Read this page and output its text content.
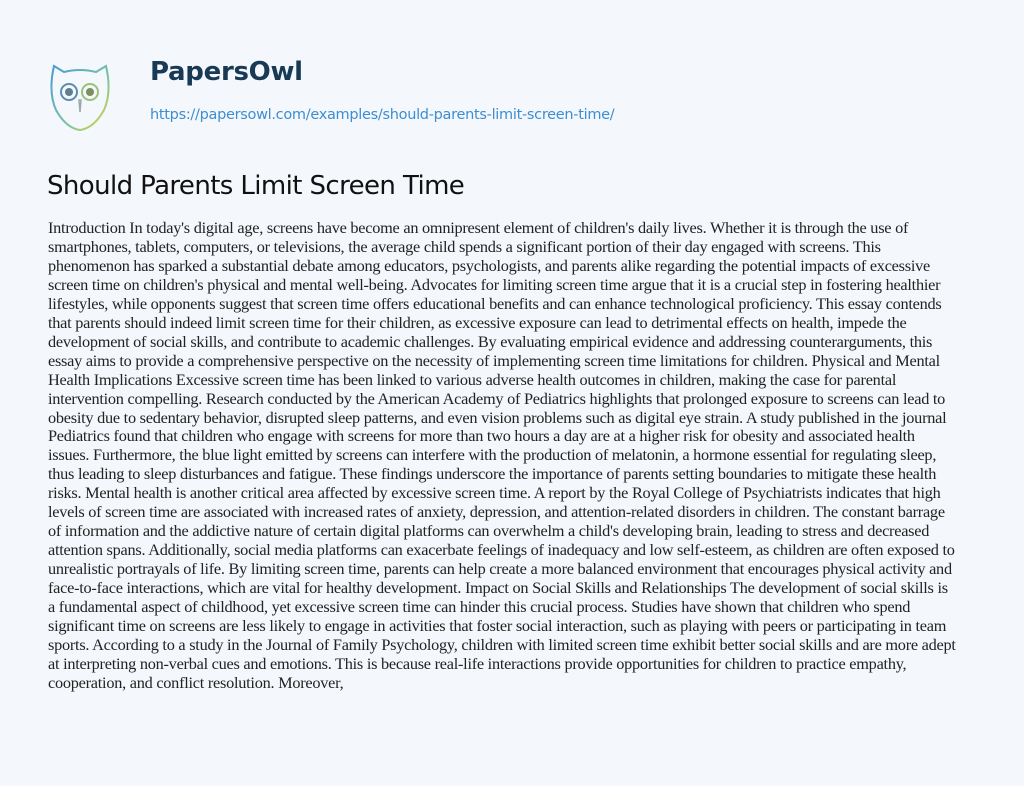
PapersOwl
https://papersowl.com/examples/should-parents-limit-screen-time/
Should Parents Limit Screen Time
Introduction In today's digital age, screens have become an omnipresent element of children's daily lives. Whether it is through the use of
smartphones, tablets, computers, or televisions, the average child spends a significant portion of their day engaged with screens. This
phenomenon has sparked a substantial debate among educators, psychologists, and parents alike regarding the potential impacts of excessive
screen time on children's physical and mental well-being. Advocates for limiting screen time argue that it is a crucial step in fostering healthier
lifestyles, while opponents suggest that screen time offers educational benefits and can enhance technological proficiency. This essay contends
that parents should indeed limit screen time for their children, as excessive exposure can lead to detrimental effects on health, impede the
development of social skills, and contribute to academic challenges. By evaluating empirical evidence and addressing counterarguments, this
essay aims to provide a comprehensive perspective on the necessity of implementing screen time limitations for children. Physical and Mental
Health Implications Excessive screen time has been linked to various adverse health outcomes in children, making the case for parental
intervention compelling. Research conducted by the American Academy of Pediatrics highlights that prolonged exposure to screens can lead to
obesity due to sedentary behavior, disrupted sleep patterns, and even vision problems such as digital eye strain. A study published in the journal
Pediatrics found that children who engage with screens for more than two hours a day are at a higher risk for obesity and associated health
issues. Furthermore, the blue light emitted by screens can interfere with the production of melatonin, a hormone essential for regulating sleep,
thus leading to sleep disturbances and fatigue. These findings underscore the importance of parents setting boundaries to mitigate these health
risks. Mental health is another critical area affected by excessive screen time. A report by the Royal College of Psychiatrists indicates that high
levels of screen time are associated with increased rates of anxiety, depression, and attention-related disorders in children. The constant barrage
of information and the addictive nature of certain digital platforms can overwhelm a child's developing brain, leading to stress and decreased
attention spans. Additionally, social media platforms can exacerbate feelings of inadequacy and low self-esteem, as children are often exposed to
unrealistic portrayals of life. By limiting screen time, parents can help create a more balanced environment that encourages physical activity and
face-to-face interactions, which are vital for healthy development. Impact on Social Skills and Relationships The development of social skills is
a fundamental aspect of childhood, yet excessive screen time can hinder this crucial process. Studies have shown that children who spend
significant time on screens are less likely to engage in activities that foster social interaction, such as playing with peers or participating in team
sports. According to a study in the Journal of Family Psychology, children with limited screen time exhibit better social skills and are more adept
at interpreting non-verbal cues and emotions. This is because real-life interactions provide opportunities for children to practice empathy,
cooperation, and conflict resolution. Moreover,
